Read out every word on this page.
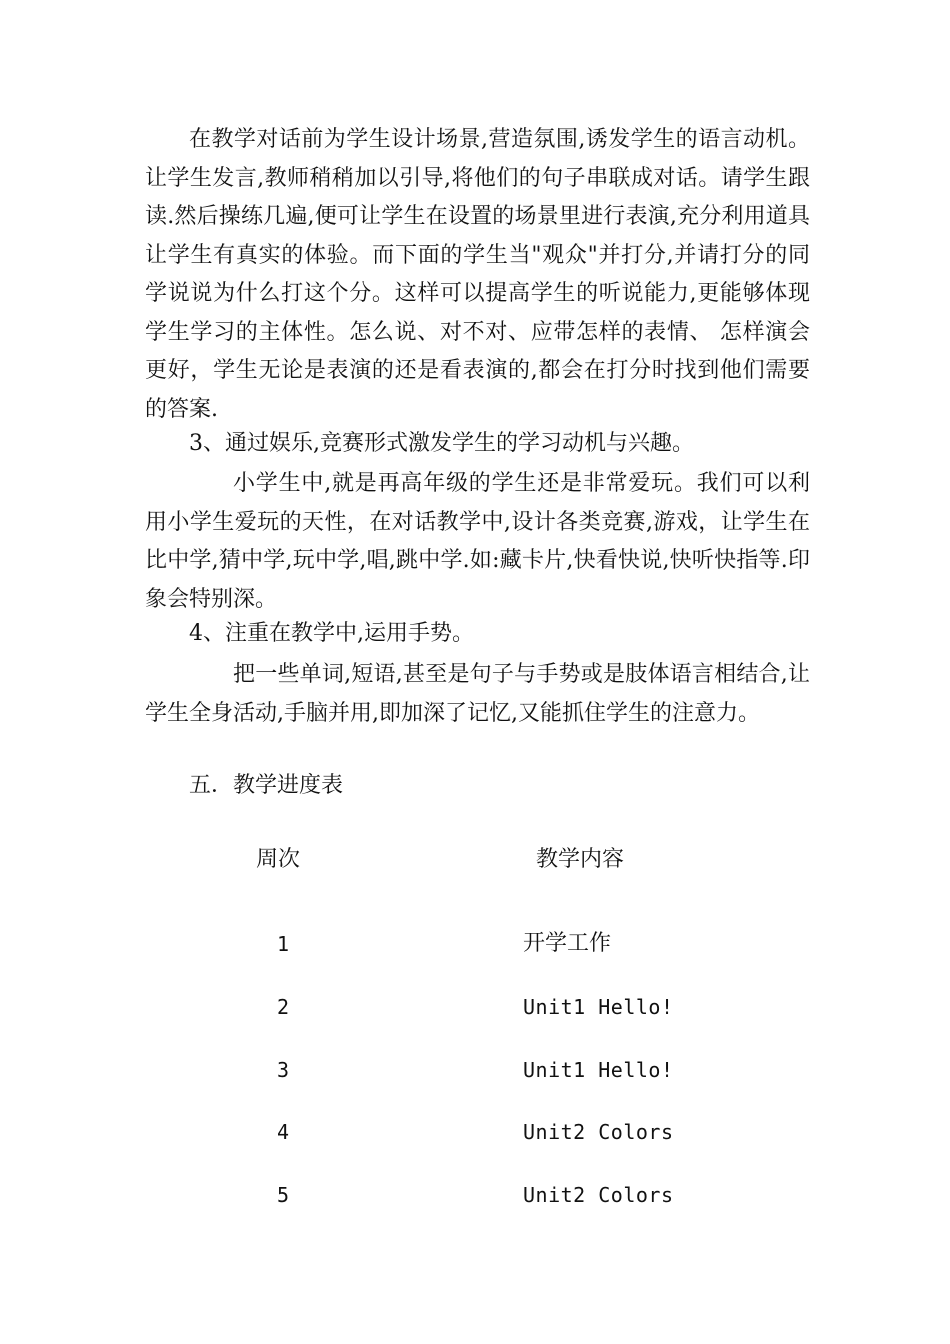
在教学对话前为学生设计场景,营造氛围,诱发学生的语言动机。让学生发言,教师稍稍加以引导,将他们的句子串联成对话。请学生跟读.然后操练几遍,便可让学生在设置的场景里进行表演,充分利用道具让学生有真实的体验。而下面的学生当"观众"并打分,并请打分的同学说说为什么打这个分。这样可以提高学生的听说能力,更能够体现学生学习的主体性。怎么说、对不对、应带怎样的表情、 怎样演会更好，学生无论是表演的还是看表演的,都会在打分时找到他们需要的答案.

3、通过娱乐,竞赛形式激发学生的学习动机与兴趣。

小学生中,就是再高年级的学生还是非常爱玩。我们可以利用小学生爱玩的天性，在对话教学中,设计各类竞赛,游戏，让学生在比中学,猜中学,玩中学,唱,跳中学.如:藏卡片,快看快说,快听快指等.印象会特别深。

4、注重在教学中,运用手势。

把一些单词,短语,甚至是句子与手势或是肢体语言相结合,让学生全身活动,手脑并用,即加深了记忆,又能抓住学生的注意力。

五．教学进度表

周次	教学内容

1	开学工作

2	Unit1 Hello!

3	Unit1 Hello!

4	Unit2 Colors

5	Unit2 Colors
